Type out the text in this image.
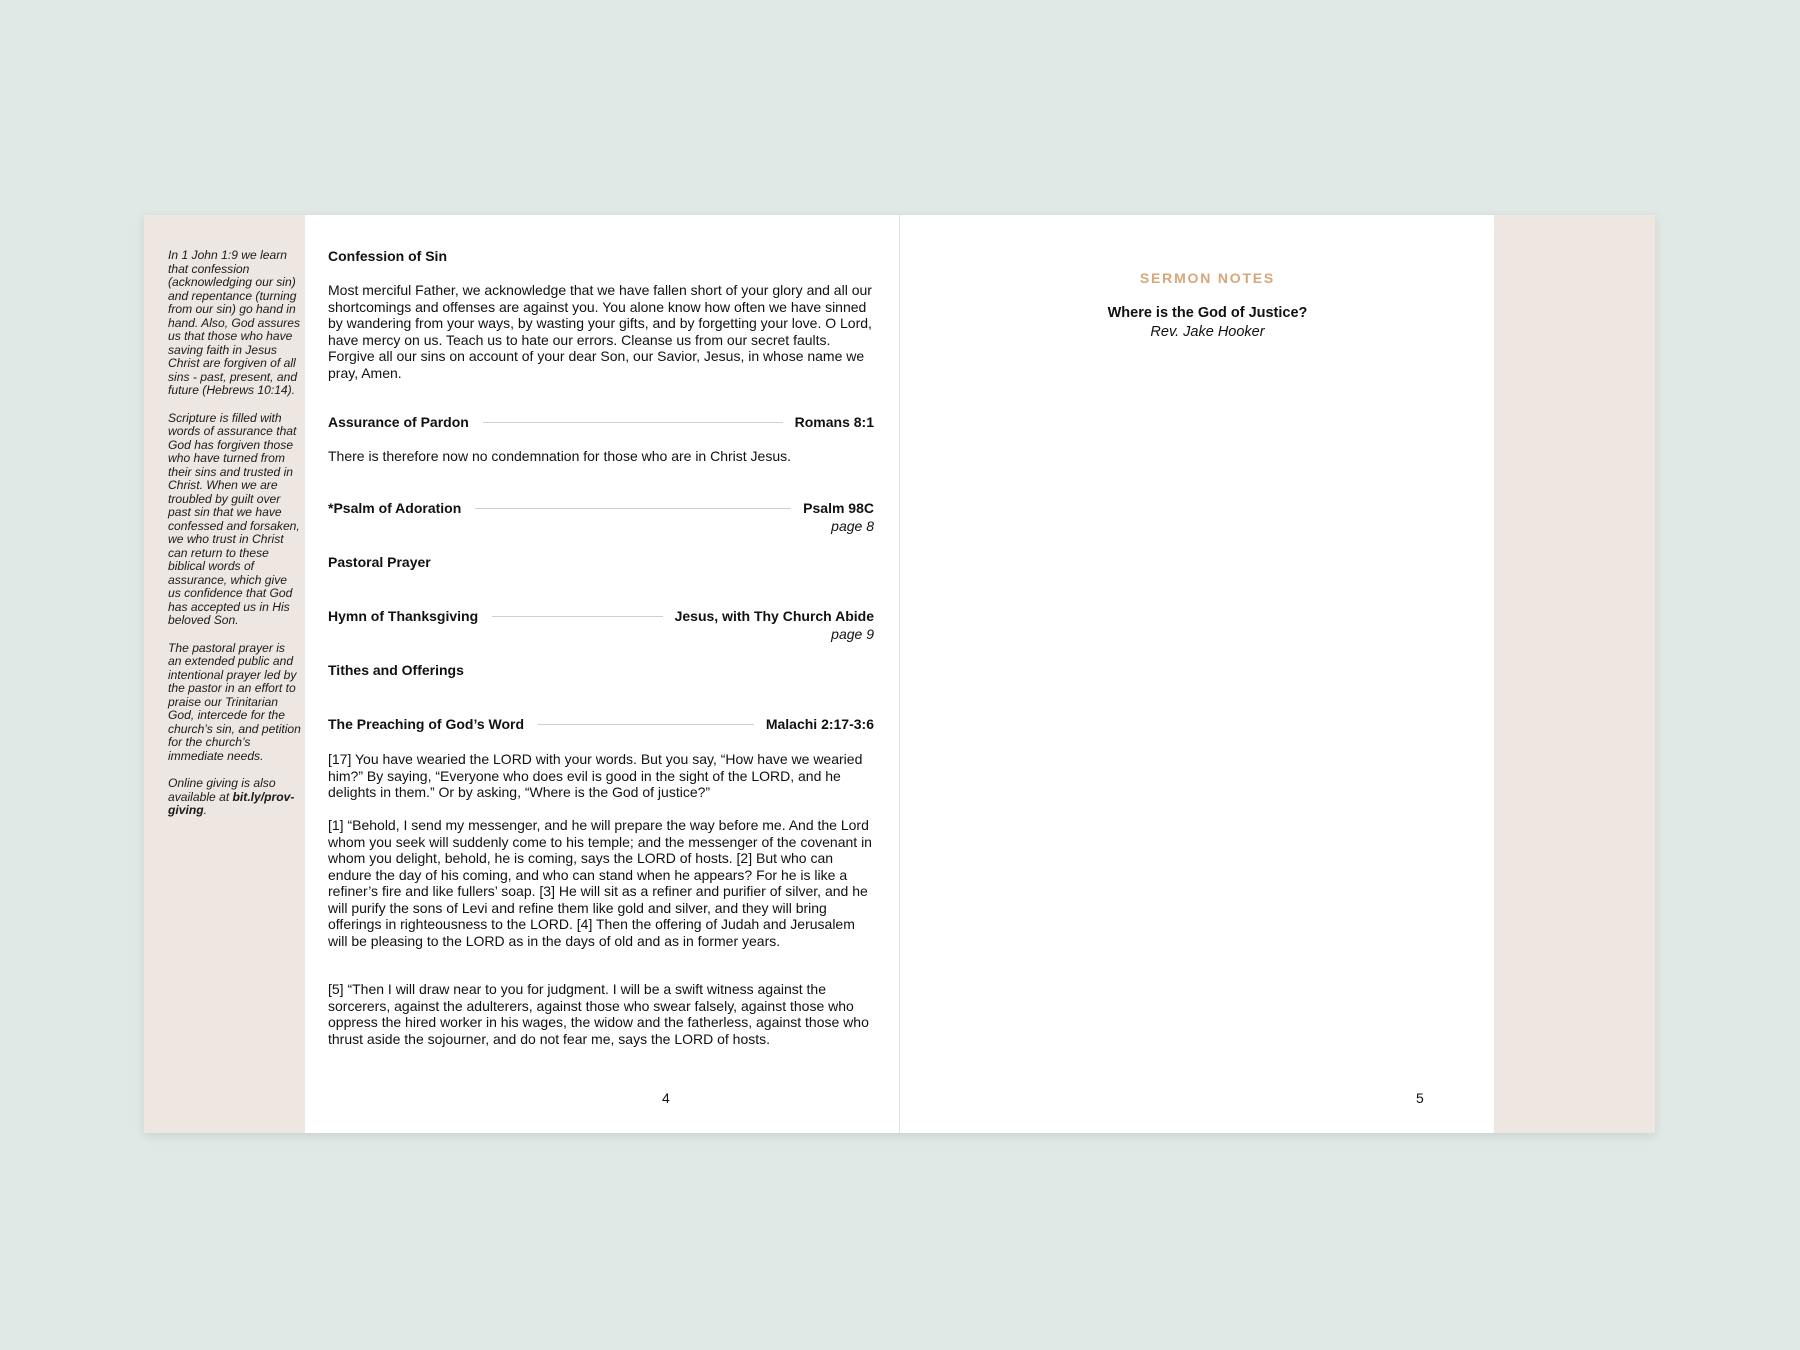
In 1 John 1:9 we learn that confession (acknowledging our sin) and repentance (turning from our sin) go hand in hand. Also, God assures us that those who have saving faith in Jesus Christ are forgiven of all sins - past, present, and future (Hebrews 10:14).

Scripture is filled with words of assurance that God has forgiven those who have turned from their sins and trusted in Christ. When we are troubled by guilt over past sin that we have confessed and forsaken, we who trust in Christ can return to these biblical words of assurance, which give us confidence that God has accepted us in His beloved Son.

The pastoral prayer is an extended public and intentional prayer led by the pastor in an effort to praise our Trinitarian God, intercede for the church’s sin, and petition for the church’s immediate needs.

Online giving is also available at bit.ly/prov-giving.

Confession of Sin

Most merciful Father, we acknowledge that we have fallen short of your glory and all our shortcomings and offenses are against you. You alone know how often we have sinned by wandering from your ways, by wasting your gifts, and by forgetting your love. O Lord, have mercy on us. Teach us to hate our errors. Cleanse us from our secret faults. Forgive all our sins on account of your dear Son, our Savior, Jesus, in whose name we pray, Amen.

Assurance of Pardon	Romans 8:1

There is therefore now no condemnation for those who are in Christ Jesus.

*Psalm of Adoration	Psalm 98C
page 8
Pastoral Prayer
Hymn of Thanksgiving	Jesus, with Thy Church Abide
page 9
Tithes and Offerings
The Preaching of God’s Word	Malachi 2:17-3:6

[17] You have wearied the LORD with your words. But you say, “How have we wearied him?” By saying, “Everyone who does evil is good in the sight of the LORD, and he delights in them.” Or by asking, “Where is the God of justice?”

[1] “Behold, I send my messenger, and he will prepare the way before me. And the Lord whom you seek will suddenly come to his temple; and the messenger of the covenant in whom you delight, behold, he is coming, says the LORD of hosts. [2] But who can endure the day of his coming, and who can stand when he appears? For he is like a refiner’s fire and like fullers’ soap. [3] He will sit as a refiner and purifier of silver, and he will purify the sons of Levi and refine them like gold and silver, and they will bring offerings in righteousness to the LORD. [4] Then the offering of Judah and Jerusalem will be pleasing to the LORD as in the days of old and as in former years.

[5] “Then I will draw near to you for judgment. I will be a swift witness against the sorcerers, against the adulterers, against those who swear falsely, against those who oppress the hired worker in his wages, the widow and the fatherless, against those who thrust aside the sojourner, and do not fear me, says the LORD of hosts.

4
SERMON NOTES
Where is the God of Justice?
Rev. Jake Hooker
5
